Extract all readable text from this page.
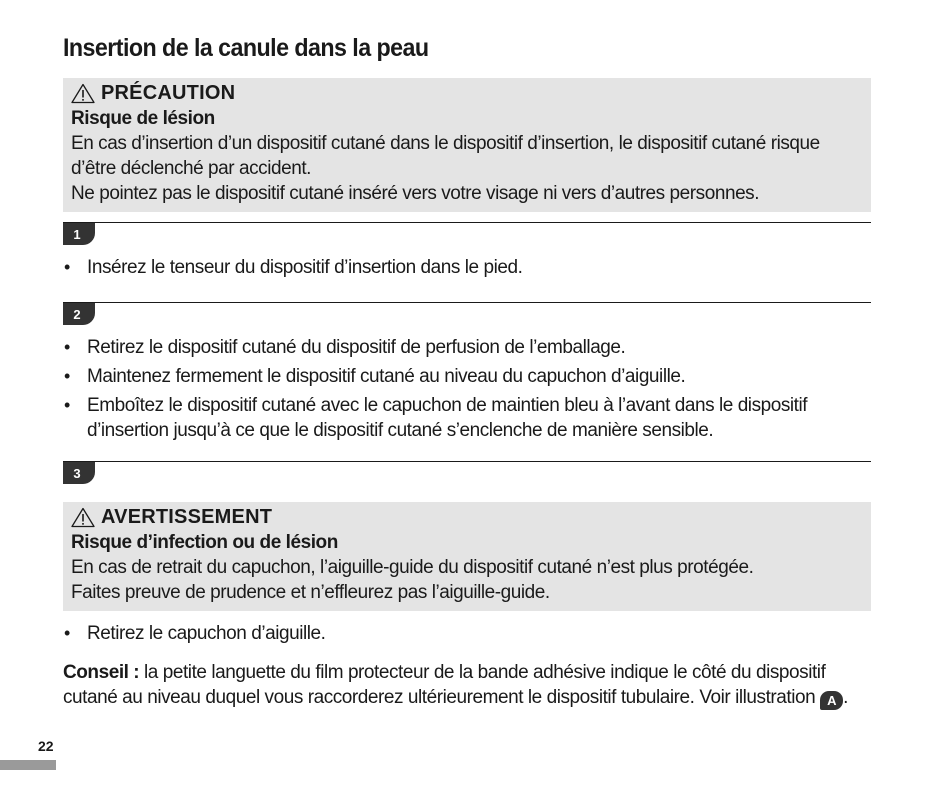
Insertion de la canule dans la peau
PRÉCAUTION
Risque de lésion

En cas d’insertion d’un dispositif cutané dans le dispositif d’insertion, le dispositif cutané risque d’être déclenché par accident.

Ne pointez pas le dispositif cutané inséré vers votre visage ni vers d’autres personnes.

1
• Insérez le tenseur du dispositif d’insertion dans le pied.
2
• Retirez le dispositif cutané du dispositif de perfusion de l’emballage.
• Maintenez fermement le dispositif cutané au niveau du capuchon d’aiguille.
• Emboîtez le dispositif cutané avec le capuchon de maintien bleu à l’avant dans le dispositif d’insertion jusqu’à ce que le dispositif cutané s’enclenche de manière sensible.
3
AVERTISSEMENT
Risque d’infection ou de lésion

En cas de retrait du capuchon, l’aiguille-guide du dispositif cutané n’est plus protégée.

Faites preuve de prudence et n’effleurez pas l’aiguille-guide.

• Retirez le capuchon d’aiguille.
Conseil : la petite languette du film protecteur de la bande adhésive indique le côté du dispositif cutané au niveau duquel vous raccorderez ultérieurement le dispositif tubulaire. Voir illustration A .
22
